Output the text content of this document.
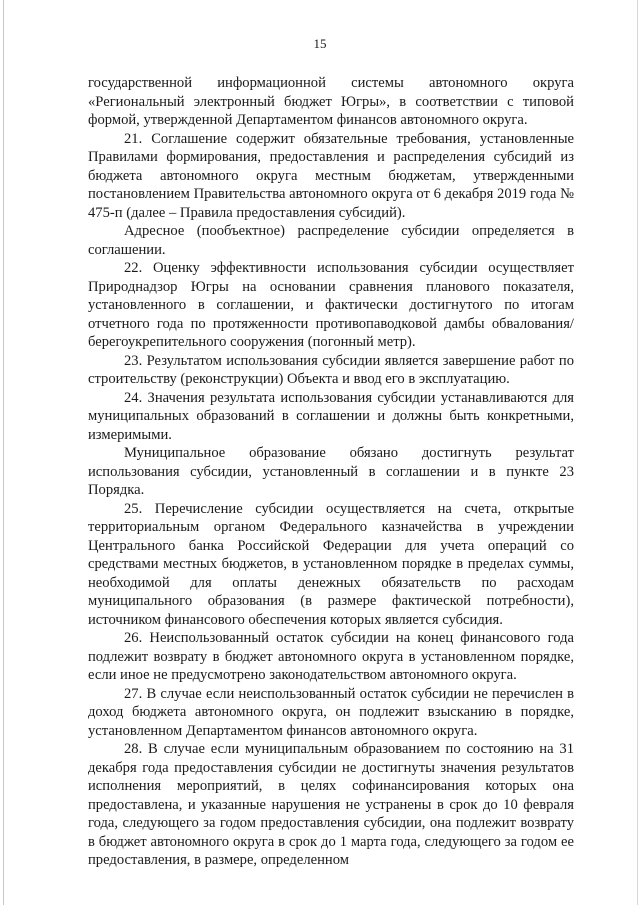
15

государственной информационной системы автономного округа «Региональный электронный бюджет Югры», в соответствии с типовой формой, утвержденной Департаментом финансов автономного округа.

21. Соглашение содержит обязательные требования, установленные Правилами формирования, предоставления и распределения субсидий из бюджета автономного округа местным бюджетам, утвержденными постановлением Правительства автономного округа от 6 декабря 2019 года № 475-п (далее – Правила предоставления субсидий).

Адресное (пообъектное) распределение субсидии определяется в соглашении.

22. Оценку эффективности использования субсидии осуществляет Природнадзор Югры на основании сравнения планового показателя, установленного в соглашении, и фактически достигнутого по итогам отчетного года по протяженности противопаводковой дамбы обвалования/ берегоукрепительного сооружения (погонный метр).

23. Результатом использования субсидии является завершение работ по строительству (реконструкции) Объекта и ввод его в эксплуатацию.

24. Значения результата использования субсидии устанавливаются для муниципальных образований в соглашении и должны быть конкретными, измеримыми.

Муниципальное образование обязано достигнуть результат использования субсидии, установленный в соглашении и в пункте 23 Порядка.

25. Перечисление субсидии осуществляется на счета, открытые территориальным органом Федерального казначейства в учреждении Центрального банка Российской Федерации для учета операций со средствами местных бюджетов, в установленном порядке в пределах суммы, необходимой для оплаты денежных обязательств по расходам муниципального образования (в размере фактической потребности), источником финансового обеспечения которых является субсидия.

26. Неиспользованный остаток субсидии на конец финансового года подлежит возврату в бюджет автономного округа в установленном порядке, если иное не предусмотрено законодательством автономного округа.

27. В случае если неиспользованный остаток субсидии не перечислен в доход бюджета автономного округа, он подлежит взысканию в порядке, установленном Департаментом финансов автономного округа.

28. В случае если муниципальным образованием по состоянию на 31 декабря года предоставления субсидии не достигнуты значения результатов исполнения мероприятий, в целях софинансирования которых она предоставлена, и указанные нарушения не устранены в срок до 10 февраля года, следующего за годом предоставления субсидии, она подлежит возврату в бюджет автономного округа в срок до 1 марта года, следующего за годом ее предоставления, в размере, определенном
